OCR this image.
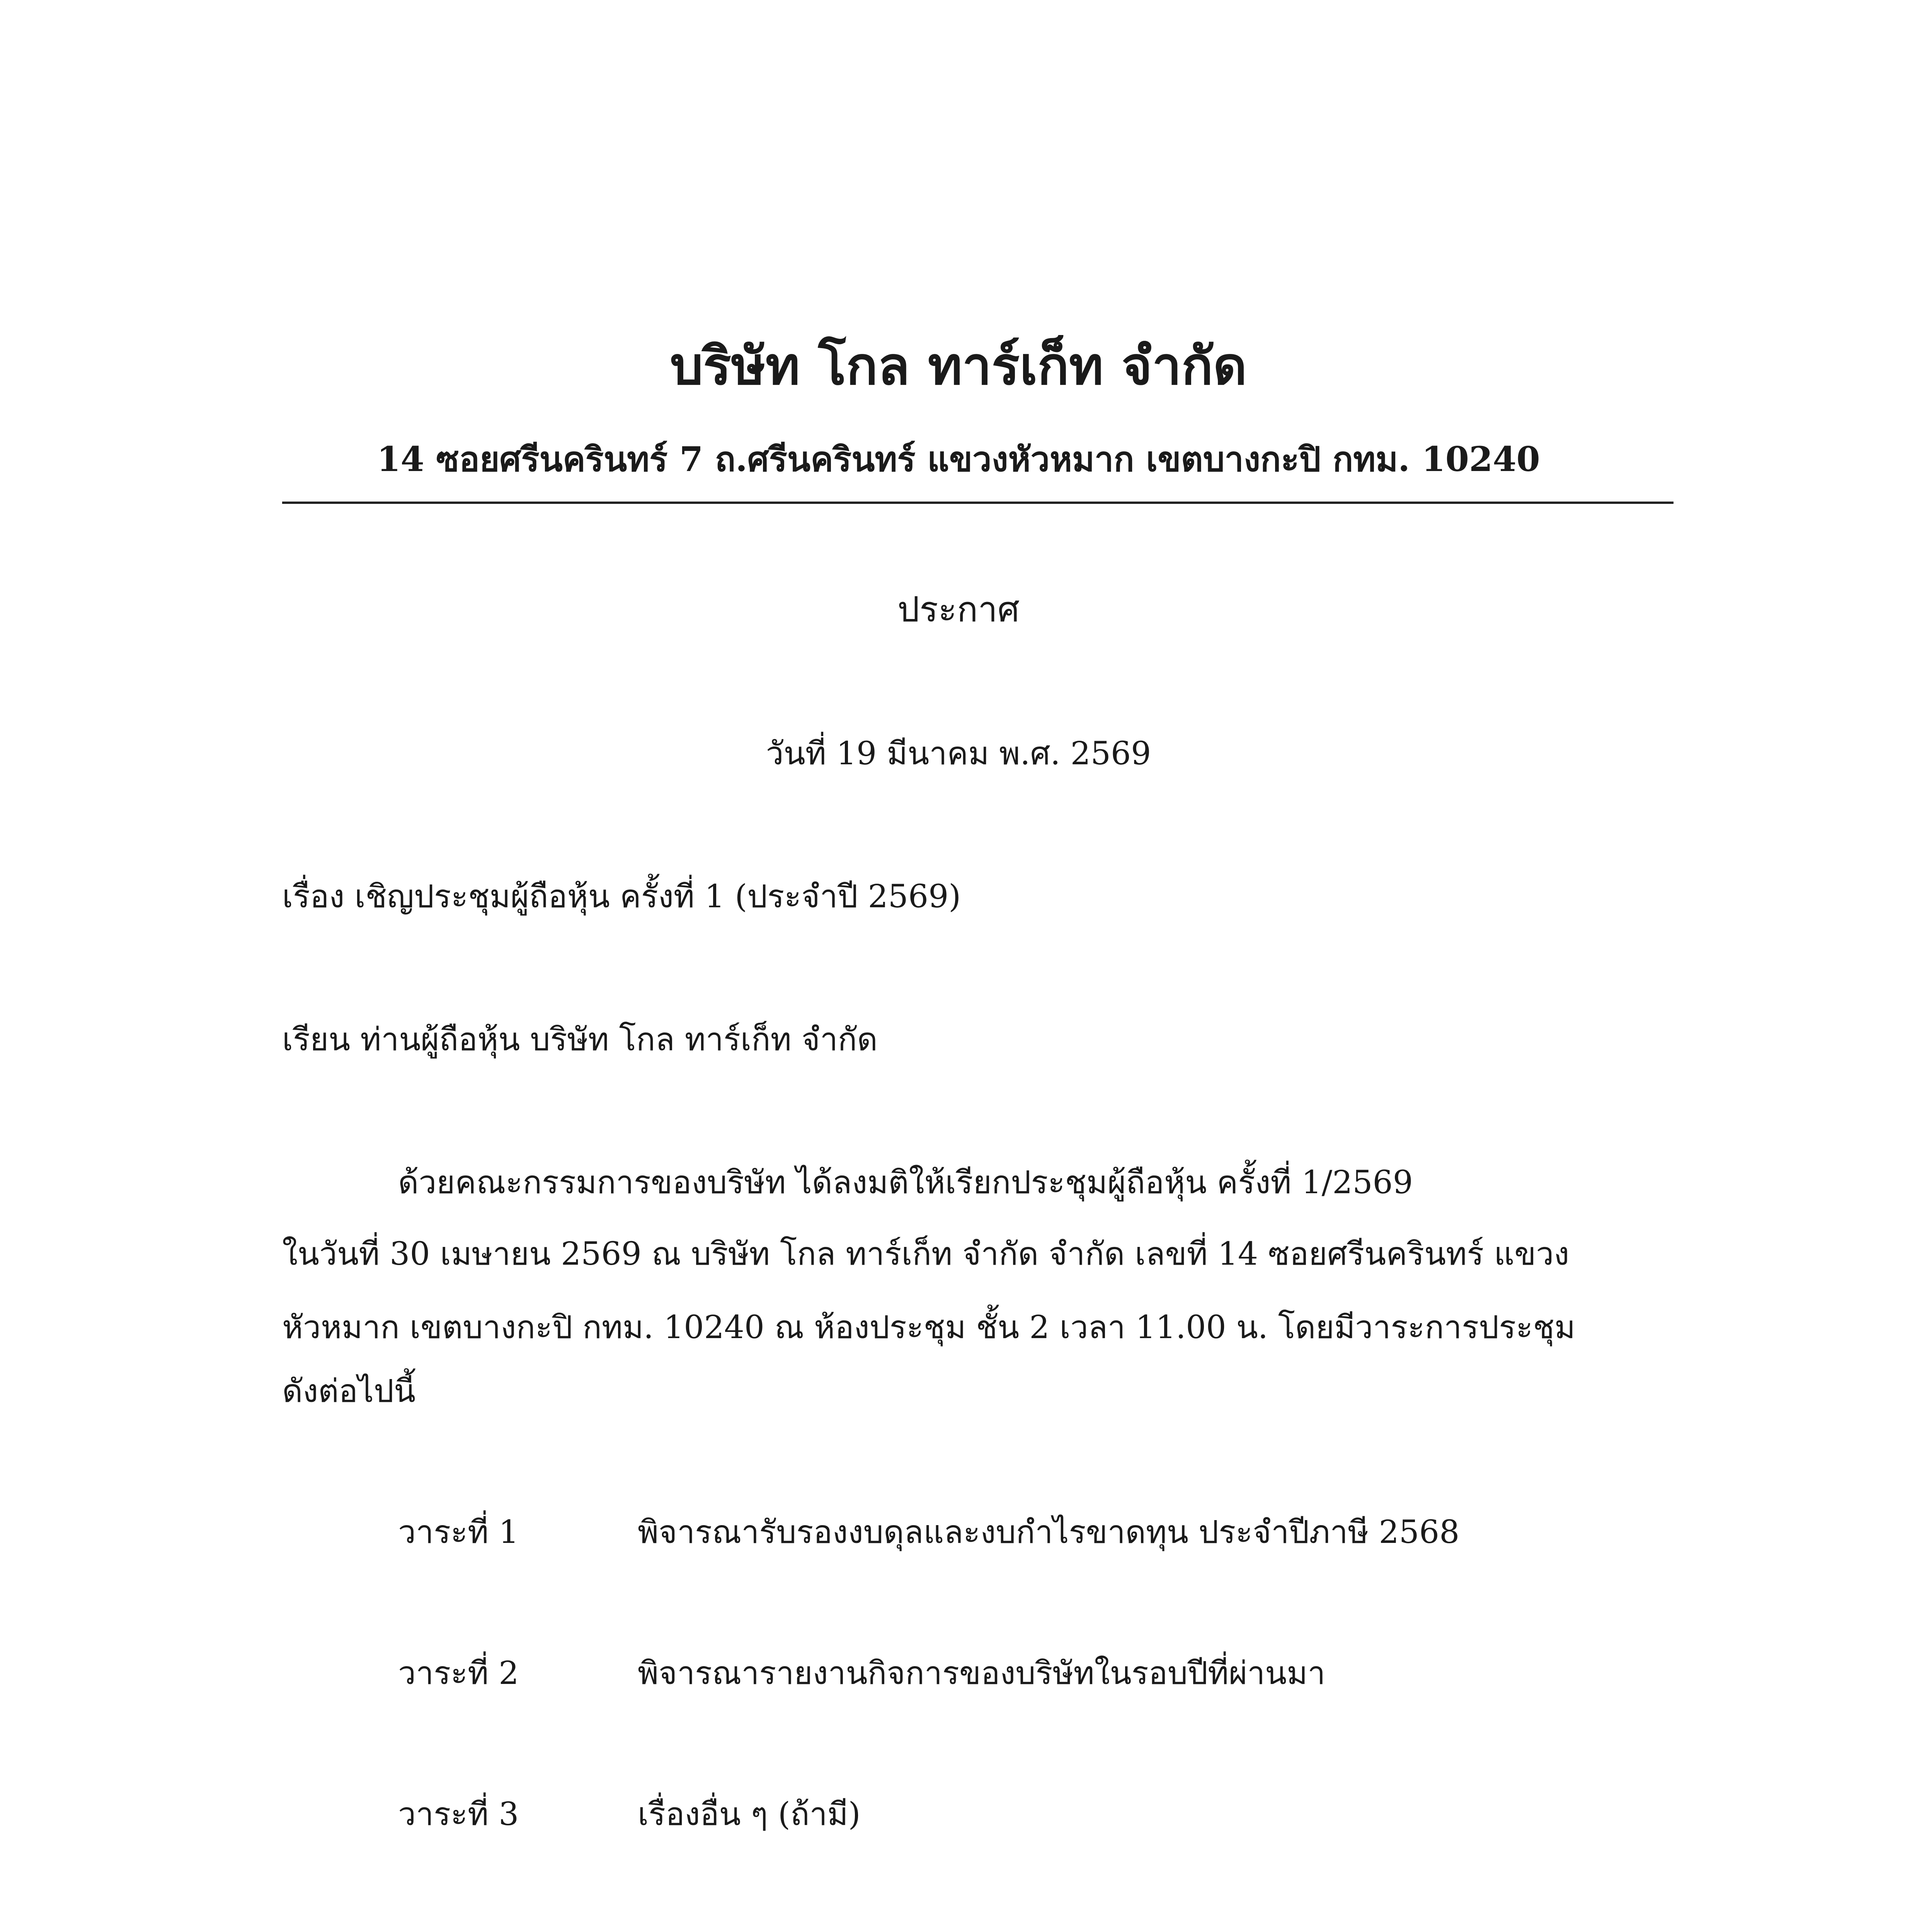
บริษัท โกล ทาร์เก็ท จำกัด
14 ซอยศรีนครินทร์ 7 ถ.ศรีนครินทร์ แขวงหัวหมาก เขตบางกะปิ กทม. 10240
ประกาศ
วันที่ 19 มีนาคม พ.ศ. 2569
เรื่อง เชิญประชุมผู้ถือหุ้น ครั้งที่ 1 (ประจำปี 2569)
เรียน ท่านผู้ถือหุ้น บริษัท โกล ทาร์เก็ท จำกัด
ด้วยคณะกรรมการของบริษัท ได้ลงมติให้เรียกประชุมผู้ถือหุ้น ครั้งที่ 1/2569
ในวันที่ 30 เมษายน 2569 ณ บริษัท โกล ทาร์เก็ท จำกัด จำกัด เลขที่ 14 ซอยศรีนครินทร์ แขวง
หัวหมาก เขตบางกะปิ กทม. 10240 ณ ห้องประชุม ชั้น 2 เวลา 11.00 น. โดยมีวาระการประชุม
ดังต่อไปนี้
วาระที่ 1	พิจารณารับรองงบดุลและงบกำไรขาดทุน ประจำปีภาษี 2568
วาระที่ 2	พิจารณารายงานกิจการของบริษัทในรอบปีที่ผ่านมา
วาระที่ 3	เรื่องอื่น ๆ (ถ้ามี)
